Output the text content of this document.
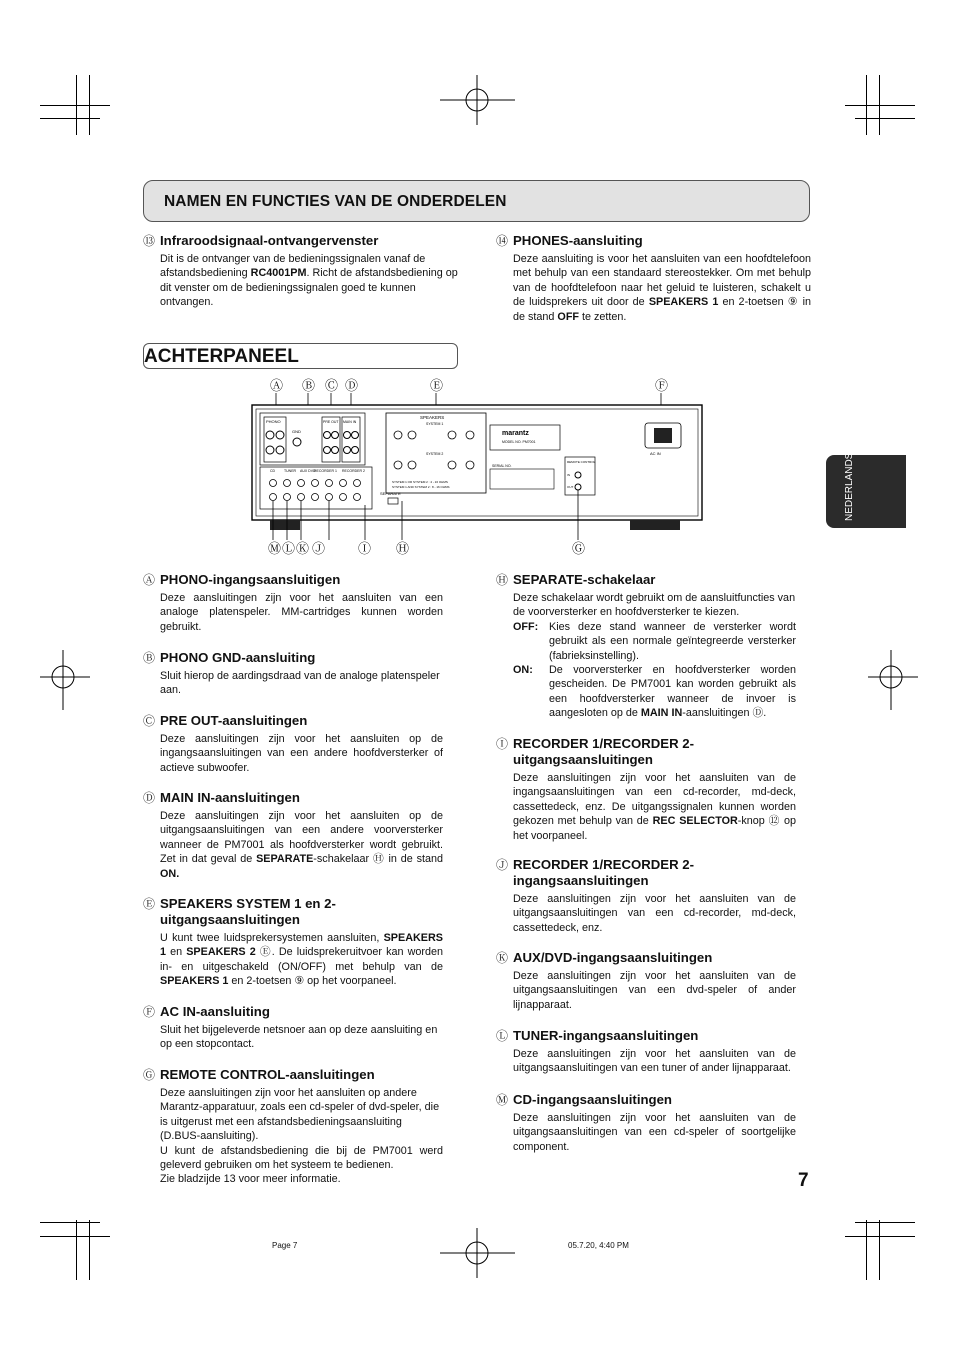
NAMEN EN FUNCTIES VAN DE ONDERDELEN
⑬ Infraroodsignaal-ontvangervenster

Dit is de ontvanger van de bedieningssignalen vanaf de afstandsbediening RC4001PM. Richt de afstandsbediening op dit venster om de bedieningssignalen goed te kunnen ontvangen.

⑭ PHONES-aansluiting

Deze aansluiting is voor het aansluiten van een hoofdtelefoon met behulp van een standaard stereostekker. Om met behulp van de hoofdtelefoon naar het geluid te luisteren, schakelt u de luidsprekers uit door de SPEAKERS 1 en 2-toetsen ⑨ in de stand OFF te zetten.

ACHTERPANEEL
Ⓐ Ⓑ Ⓒ Ⓓ	Ⓔ	Ⓕ
PHONO
GND
PRE OUT MAIN IN
CD	TUNER AUX DVD
RECORDER 1 RECORDER 2
SEPARATE
SPEAKERS
SYSTEM 1
SYSTEM 2
SYSTEM 1 OR SYSTEM 2 : 4 - 16 OHMS
SYSTEM 1 AND SYSTEM 2 : 8 - 16 OHMS
marantz
MODEL NO. PM7001
SERIAL NO.
REMOTE CONTROL
IN
OUT
AC IN
Ⓜ Ⓛ Ⓚ Ⓙ	Ⓘ Ⓗ	Ⓖ
Ⓐ PHONO-ingangsaansluitigen

Deze aansluitingen zijn voor het aansluiten van een analoge platenspeler. MM-cartridges kunnen worden gebruikt.

Ⓑ PHONO GND-aansluiting

Sluit hierop de aardingsdraad van de analoge platenspeler aan.

Ⓒ PRE OUT-aansluitingen

Deze aansluitingen zijn voor het aansluiten op de ingangsaansluitingen van een andere hoofdversterker of actieve subwoofer.

Ⓓ MAIN IN-aansluitingen

Deze aansluitingen zijn voor het aansluiten op de uitgangsaansluitingen van een andere voorversterker wanneer de PM7001 als hoofdversterker wordt gebruikt. Zet in dat geval de SEPARATE-schakelaar Ⓗ in de stand ON.

Ⓔ SPEAKERS SYSTEM 1 en 2-uitgangsaansluitingen

U kunt twee luidsprekersystemen aansluiten, SPEAKERS 1 en SPEAKERS 2 Ⓔ. De luidsprekeruitvoer kan worden in- en uitgeschakeld (ON/OFF) met behulp van de SPEAKERS 1 en 2-toetsen ⑨ op het voorpaneel.

Ⓕ AC IN-aansluiting

Sluit het bijgeleverde netsnoer aan op deze aansluiting en op een stopcontact.

Ⓖ REMOTE CONTROL-aansluitingen

Deze aansluitingen zijn voor het aansluiten op andere Marantz-apparatuur, zoals een cd-speler of dvd-speler, die is uitgerust met een afstandsbedieningsaansluiting (D.BUS-aansluiting).

U kunt de afstandsbediening die bij de PM7001 werd geleverd gebruiken om het systeem te bedienen.

Zie bladzijde 13 voor meer informatie.

Ⓗ SEPARATE-schakelaar

Deze schakelaar wordt gebruikt om de aansluitfuncties van de voorversterker en hoofdversterker te kiezen.

OFF:	Kies deze stand wanneer de versterker wordt gebruikt als een normale geïntegreerde versterker (fabrieksinstelling).

ON:	De voorversterker en hoofdversterker worden gescheiden. De PM7001 kan worden gebruikt als een hoofdversterker wanneer de invoer is aangesloten op de MAIN IN-aansluitingen Ⓓ.

Ⓘ RECORDER 1/RECORDER 2-uitgangsaansluitingen

Deze aansluitingen zijn voor het aansluiten van de ingangsaansluitingen van een cd-recorder, md-deck, cassettedeck, enz. De uitgangssignalen kunnen worden gekozen met behulp van de REC SELECTOR-knop ⑫ op het voorpaneel.

Ⓙ RECORDER 1/RECORDER 2-ingangsaansluitingen

Deze aansluitingen zijn voor het aansluiten van de uitgangsaansluitingen van een cd-recorder, md-deck, cassettedeck, enz.

Ⓚ AUX/DVD-ingangsaansluitingen

Deze aansluitingen zijn voor het aansluiten van de uitgangsaansluitingen van een dvd-speler of ander lijnapparaat.

Ⓛ TUNER-ingangsaansluitingen

Deze aansluitingen zijn voor het aansluiten van de uitgangsaansluitingen van een tuner of ander lijnapparaat.

Ⓜ CD-ingangsaansluitingen

Deze aansluitingen zijn voor het aansluiten van de uitgangsaansluitingen van een cd-speler of soortgelijke component.

NEDERLANDS
7
Page 7	05.7.20, 4:40 PM
